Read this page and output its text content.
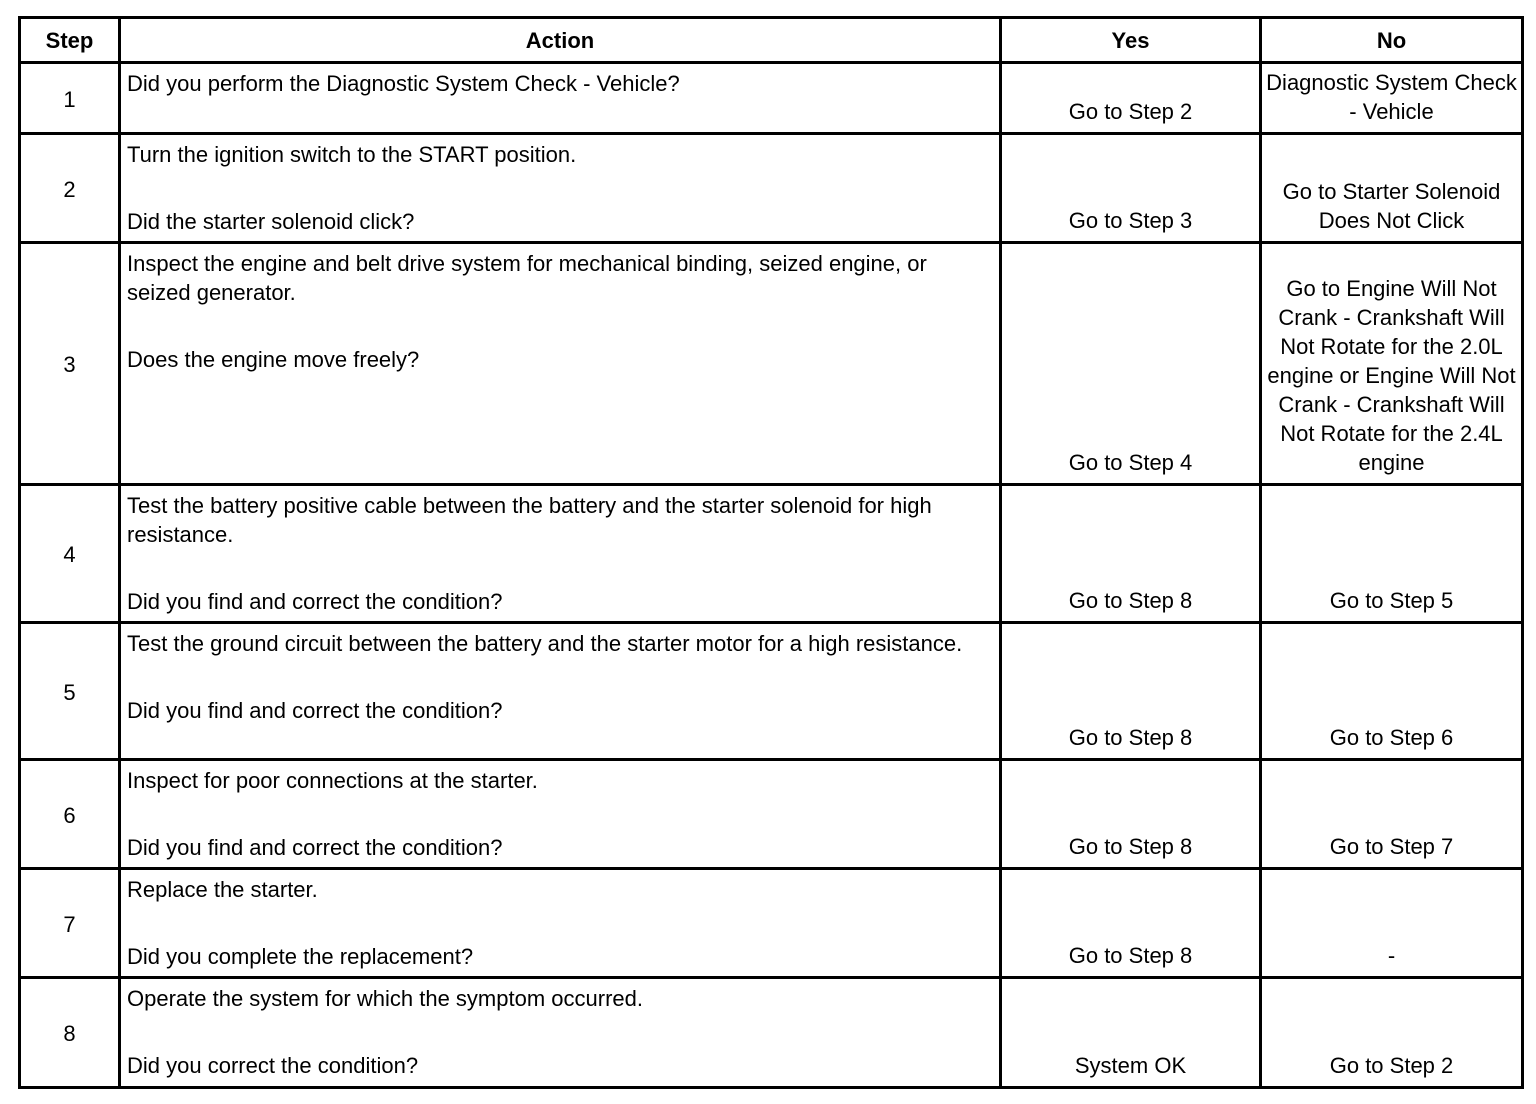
Step	Action	Yes	No
1	Did you perform the Diagnostic System Check - Vehicle?	Go to Step 2	Diagnostic System Check - Vehicle
2	Turn the ignition switch to the START position.
Did the starter solenoid click?	Go to Step 3	Go to Starter Solenoid Does Not Click
3	Inspect the engine and belt drive system for mechanical binding, seized engine, or seized generator.
Does the engine move freely?	Go to Step 4	Go to Engine Will Not Crank - Crankshaft Will Not Rotate for the 2.0L engine or Engine Will Not Crank - Crankshaft Will Not Rotate for the 2.4L engine
4	Test the battery positive cable between the battery and the starter solenoid for high resistance.
Did you find and correct the condition?	Go to Step 8	Go to Step 5
5	Test the ground circuit between the battery and the starter motor for a high resistance.
Did you find and correct the condition?	Go to Step 8	Go to Step 6
6	Inspect for poor connections at the starter.
Did you find and correct the condition?	Go to Step 8	Go to Step 7
7	Replace the starter.
Did you complete the replacement?	Go to Step 8	-
8	Operate the system for which the symptom occurred.
Did you correct the condition?	System OK	Go to Step 2
